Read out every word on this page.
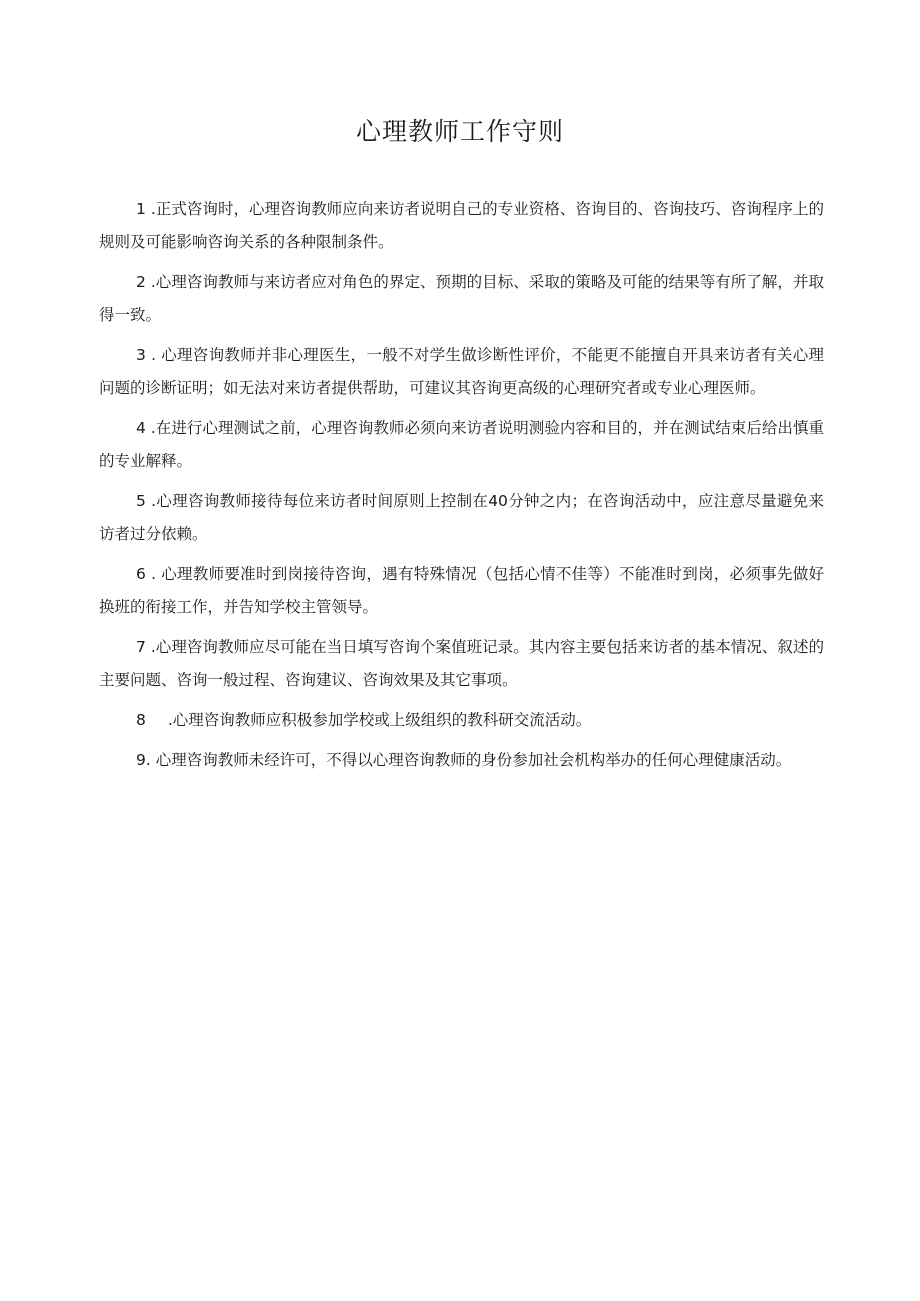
心理教师工作守则
1 .正式咨询时，心理咨询教师应向来访者说明自己的专业资格、咨询目的、咨询技巧、咨询程序上的规则及可能影响咨询关系的各种限制条件。
2 .心理咨询教师与来访者应对角色的界定、预期的目标、采取的策略及可能的结果等有所了解，并取得一致。
3 . 心理咨询教师并非心理医生，一般不对学生做诊断性评价，不能更不能擅自开具来访者有关心理问题的诊断证明；如无法对来访者提供帮助，可建议其咨询更高级的心理研究者或专业心理医师。
4 .在进行心理测试之前，心理咨询教师必须向来访者说明测验内容和目的，并在测试结束后给出慎重的专业解释。
5 .心理咨询教师接待每位来访者时间原则上控制在40分钟之内；在咨询活动中，应注意尽量避免来访者过分依赖。
6 . 心理教师要准时到岗接待咨询，遇有特殊情况（包括心情不佳等）不能准时到岗，必须事先做好换班的衔接工作，并告知学校主管领导。
7 .心理咨询教师应尽可能在当日填写咨询个案值班记录。其内容主要包括来访者的基本情况、叙述的主要问题、咨询一般过程、咨询建议、咨询效果及其它事项。
8 .心理咨询教师应积极参加学校或上级组织的教科研交流活动。
9. 心理咨询教师未经许可，不得以心理咨询教师的身份参加社会机构举办的任何心理健康活动。
